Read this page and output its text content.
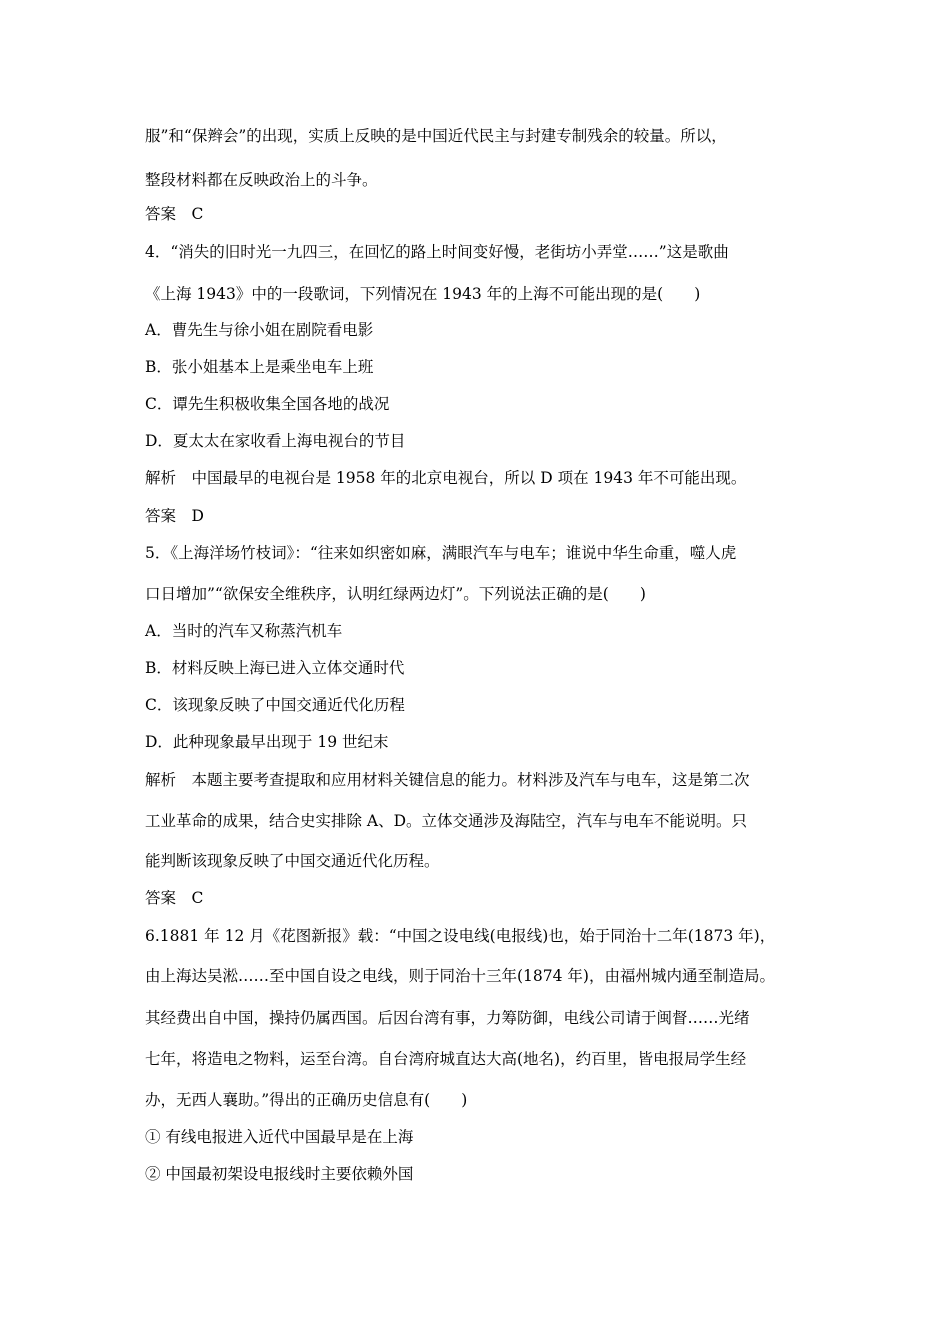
服”和“保辫会”的出现，实质上反映的是中国近代民主与封建专制残余的较量。所以，
整段材料都在反映政治上的斗争。
答案　C
4．“消失的旧时光一九四三，在回忆的路上时间变好慢，老街坊小弄堂……”这是歌曲
《上海 1943》中的一段歌词，下列情况在 1943 年的上海不可能出现的是(　　)
A．曹先生与徐小姐在剧院看电影
B．张小姐基本上是乘坐电车上班
C．谭先生积极收集全国各地的战况
D．夏太太在家收看上海电视台的节目
解析　中国最早的电视台是 1958 年的北京电视台，所以 D 项在 1943 年不可能出现。
答案　D
5．《上海洋场竹枝词》：“往来如织密如麻，满眼汽车与电车；谁说中华生命重，噬人虎
口日增加”“欲保安全维秩序，认明红绿两边灯”。下列说法正确的是(　　)
A．当时的汽车又称蒸汽机车
B．材料反映上海已进入立体交通时代
C．该现象反映了中国交通近代化历程
D．此种现象最早出现于 19 世纪末
解析　本题主要考查提取和应用材料关键信息的能力。材料涉及汽车与电车，这是第二次
工业革命的成果，结合史实排除 A、D。立体交通涉及海陆空，汽车与电车不能说明。只
能判断该现象反映了中国交通近代化历程。
答案　C
6.1881 年 12 月《花图新报》载：“中国之设电线(电报线)也，始于同治十二年(1873 年)，
由上海达吴淞……至中国自设之电线，则于同治十三年(1874 年)，由福州城内通至制造局。
其经费出自中国，操持仍属西国。后因台湾有事，力筹防御，电线公司请于闽督……光绪
七年，将造电之物料，运至台湾。自台湾府城直达大高(地名)，约百里，皆电报局学生经
办，无西人襄助。”得出的正确历史信息有(　　)
① 有线电报进入近代中国最早是在上海
② 中国最初架设电报线时主要依赖外国
